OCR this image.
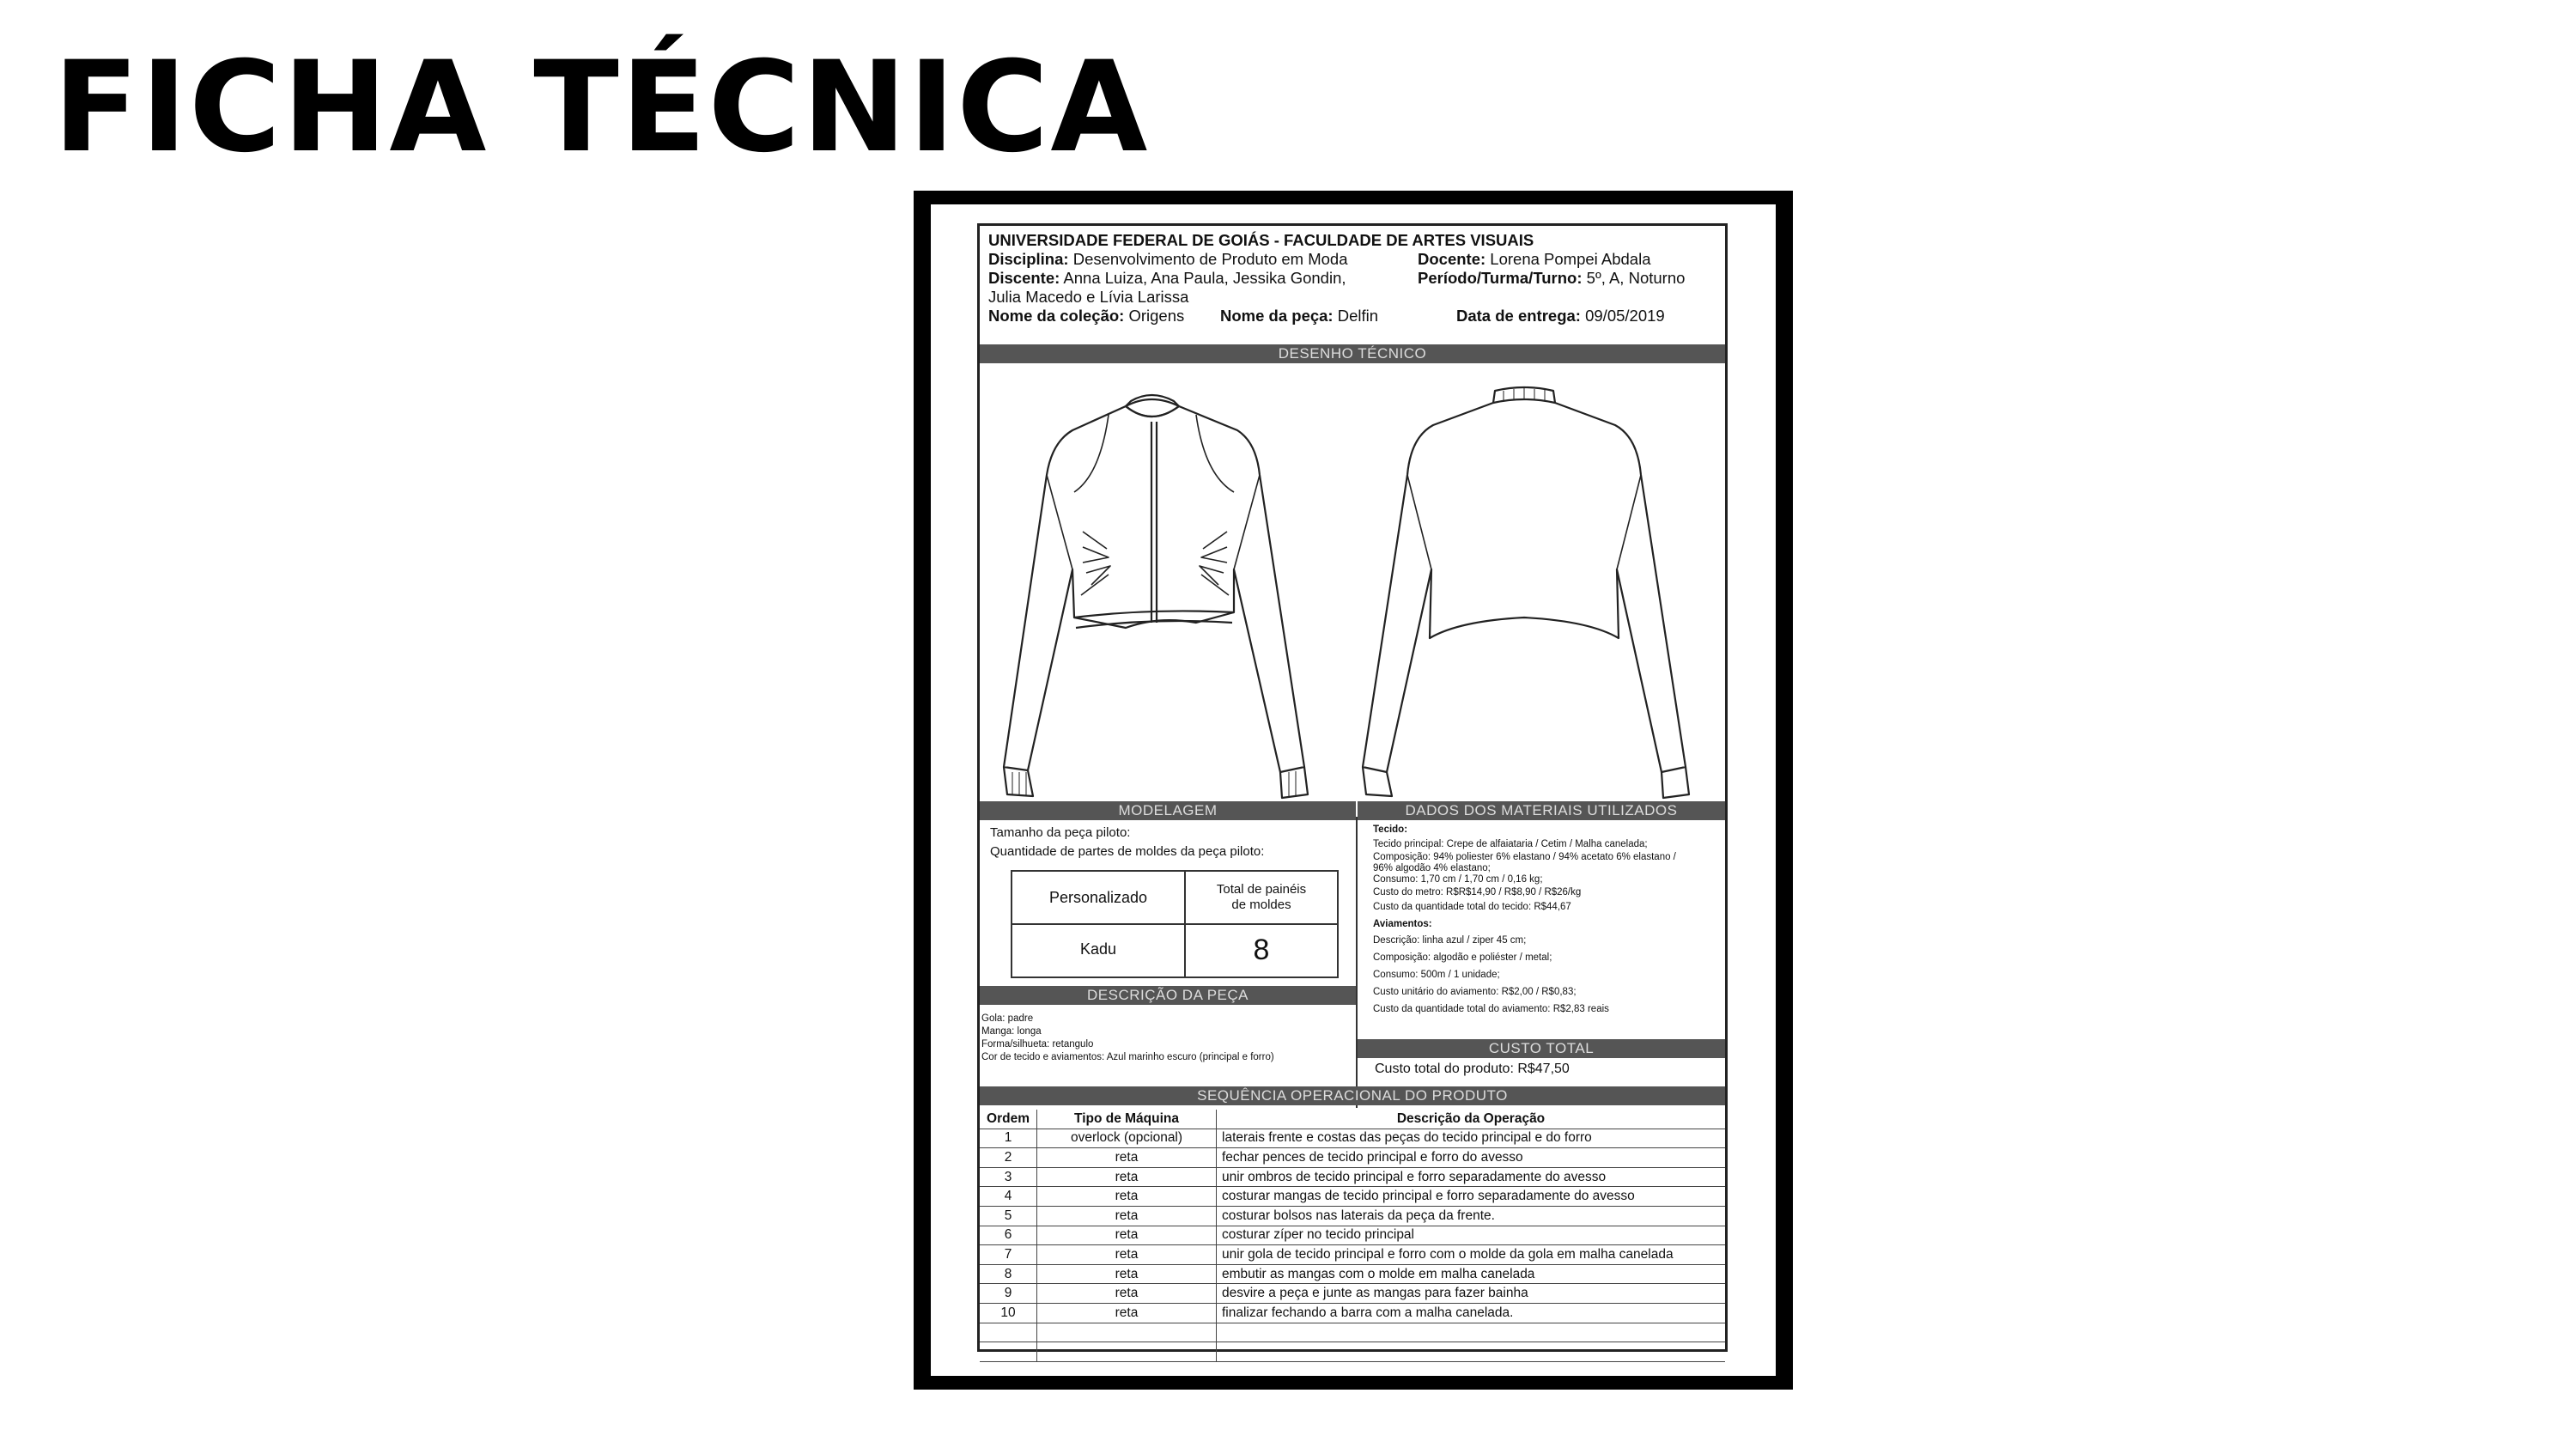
FICHA TÉCNICA
UNIVERSIDADE FEDERAL DE GOIÁS - FACULDADE DE ARTES VISUAIS
Disciplina: Desenvolvimento de Produto em Moda	Docente: Lorena Pompei Abdala
Discente: Anna Luiza, Ana Paula, Jessika Gondin,	Período/Turma/Turno: 5º, A, Noturno
Julia Macedo e Lívia Larissa
Nome da coleção: Origens Nome da peça: Delfin	Data de entrega: 09/05/2019
DESENHO TÉCNICO
MODELAGEM
Tamanho da peça piloto:
Quantidade de partes de moldes da peça piloto:
Personalizado	Total de painéis
de moldes
Kadu	8
DADOS DOS MATERIAIS UTILIZADOS
Tecido:
Tecido principal: Crepe de alfaiataria / Cetim / Malha canelada;
Composição: 94% poliester 6% elastano / 94% acetato 6% elastano /
96% algodão 4% elastano;
Consumo: 1,70 cm / 1,70 cm / 0,16 kg;
Custo do metro: R$R$14,90 / R$8,90 / R$26/kg
Custo da quantidade total do tecido: R$44,67
Aviamentos:
Descrição: linha azul / ziper 45 cm;
Composição: algodão e poliéster / metal;
Consumo: 500m / 1 unidade;
Custo unitário do aviamento: R$2,00 / R$0,83;
Custo da quantidade total do aviamento: R$2,83 reais
DESCRIÇÃO DA PEÇA
Gola: padre
Manga: longa
Forma/silhueta: retangulo
Cor de tecido e aviamentos: Azul marinho escuro (principal e forro)
CUSTO TOTAL
Custo total do produto: R$47,50
SEQUÊNCIA OPERACIONAL DO PRODUTO
Ordem	Tipo de Máquina	Descrição da Operação
1	overlock (opcional)	laterais frente e costas das peças do tecido principal e do forro
2	reta	fechar pences de tecido principal e forro do avesso
3	reta	unir ombros de tecido principal e forro separadamente do avesso
4	reta	costurar mangas de tecido principal e forro separadamente do avesso
5	reta	costurar bolsos nas laterais da peça da frente.
6	reta	costurar zíper no tecido principal
7	reta	unir gola de tecido principal e forro com o molde da gola em malha canelada
8	reta	embutir as mangas com o molde em malha canelada
9	reta	desvire a peça e junte as mangas para fazer bainha
10	reta	finalizar fechando a barra com a malha canelada.
